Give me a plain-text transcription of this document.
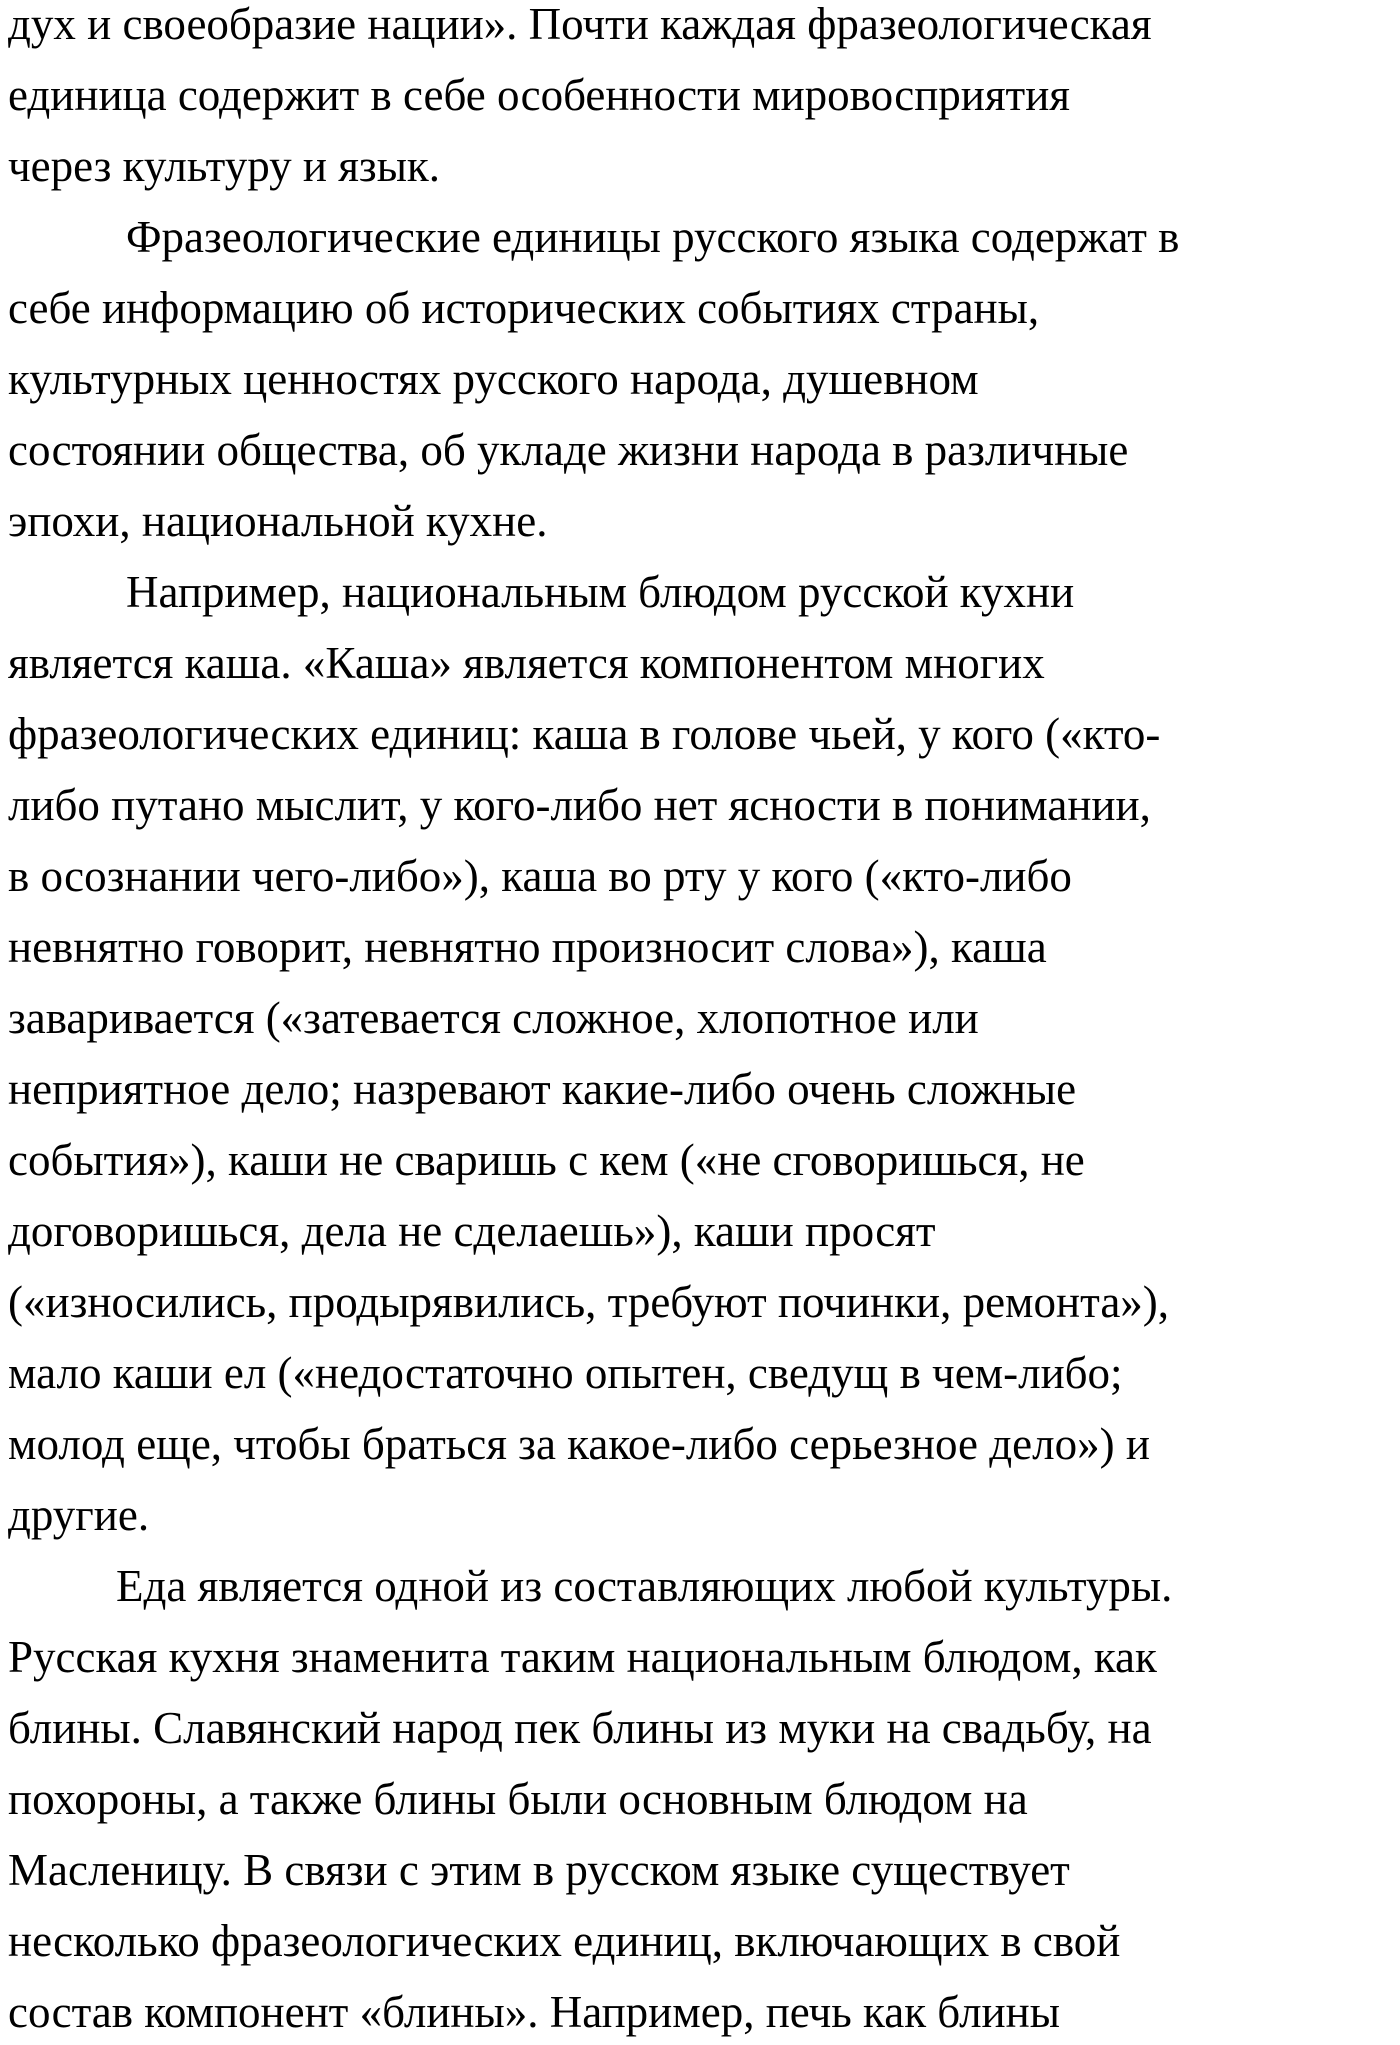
дух и своеобразие нации». Почти каждая фразеологическая
единица содержит в себе особенности мировосприятия
через культуру и язык.
Фразеологические единицы русского языка содержат в
себе информацию об исторических событиях страны,
культурных ценностях русского народа, душевном
состоянии общества, об укладе жизни народа в различные
эпохи, национальной кухне.
Например, национальным блюдом русской кухни
является каша. «Каша» является компонентом многих
фразеологических единиц: каша в голове чьей, у кого («кто-
либо путано мыслит, у кого-либо нет ясности в понимании,
в осознании чего-либо»), каша во рту у кого («кто-либо
невнятно говорит, невнятно произносит слова»), каша
заваривается («затевается сложное, хлопотное или
неприятное дело; назревают какие-либо очень сложные
события»), каши не сваришь с кем («не сговоришься, не
договоришься, дела не сделаешь»), каши просят
(«износились, продырявились, требуют починки, ремонта»),
мало каши ел («недостаточно опытен, сведущ в чем-либо;
молод еще, чтобы браться за какое-либо серьезное дело») и
другие.
Еда является одной из составляющих любой культуры.
Русская кухня знаменита таким национальным блюдом, как
блины. Славянский народ пек блины из муки на свадьбу, на
похороны, а также блины были основным блюдом на
Масленицу. В связи с этим в русском языке существует
несколько фразеологических единиц, включающих в свой
состав компонент «блины». Например, печь как блины
